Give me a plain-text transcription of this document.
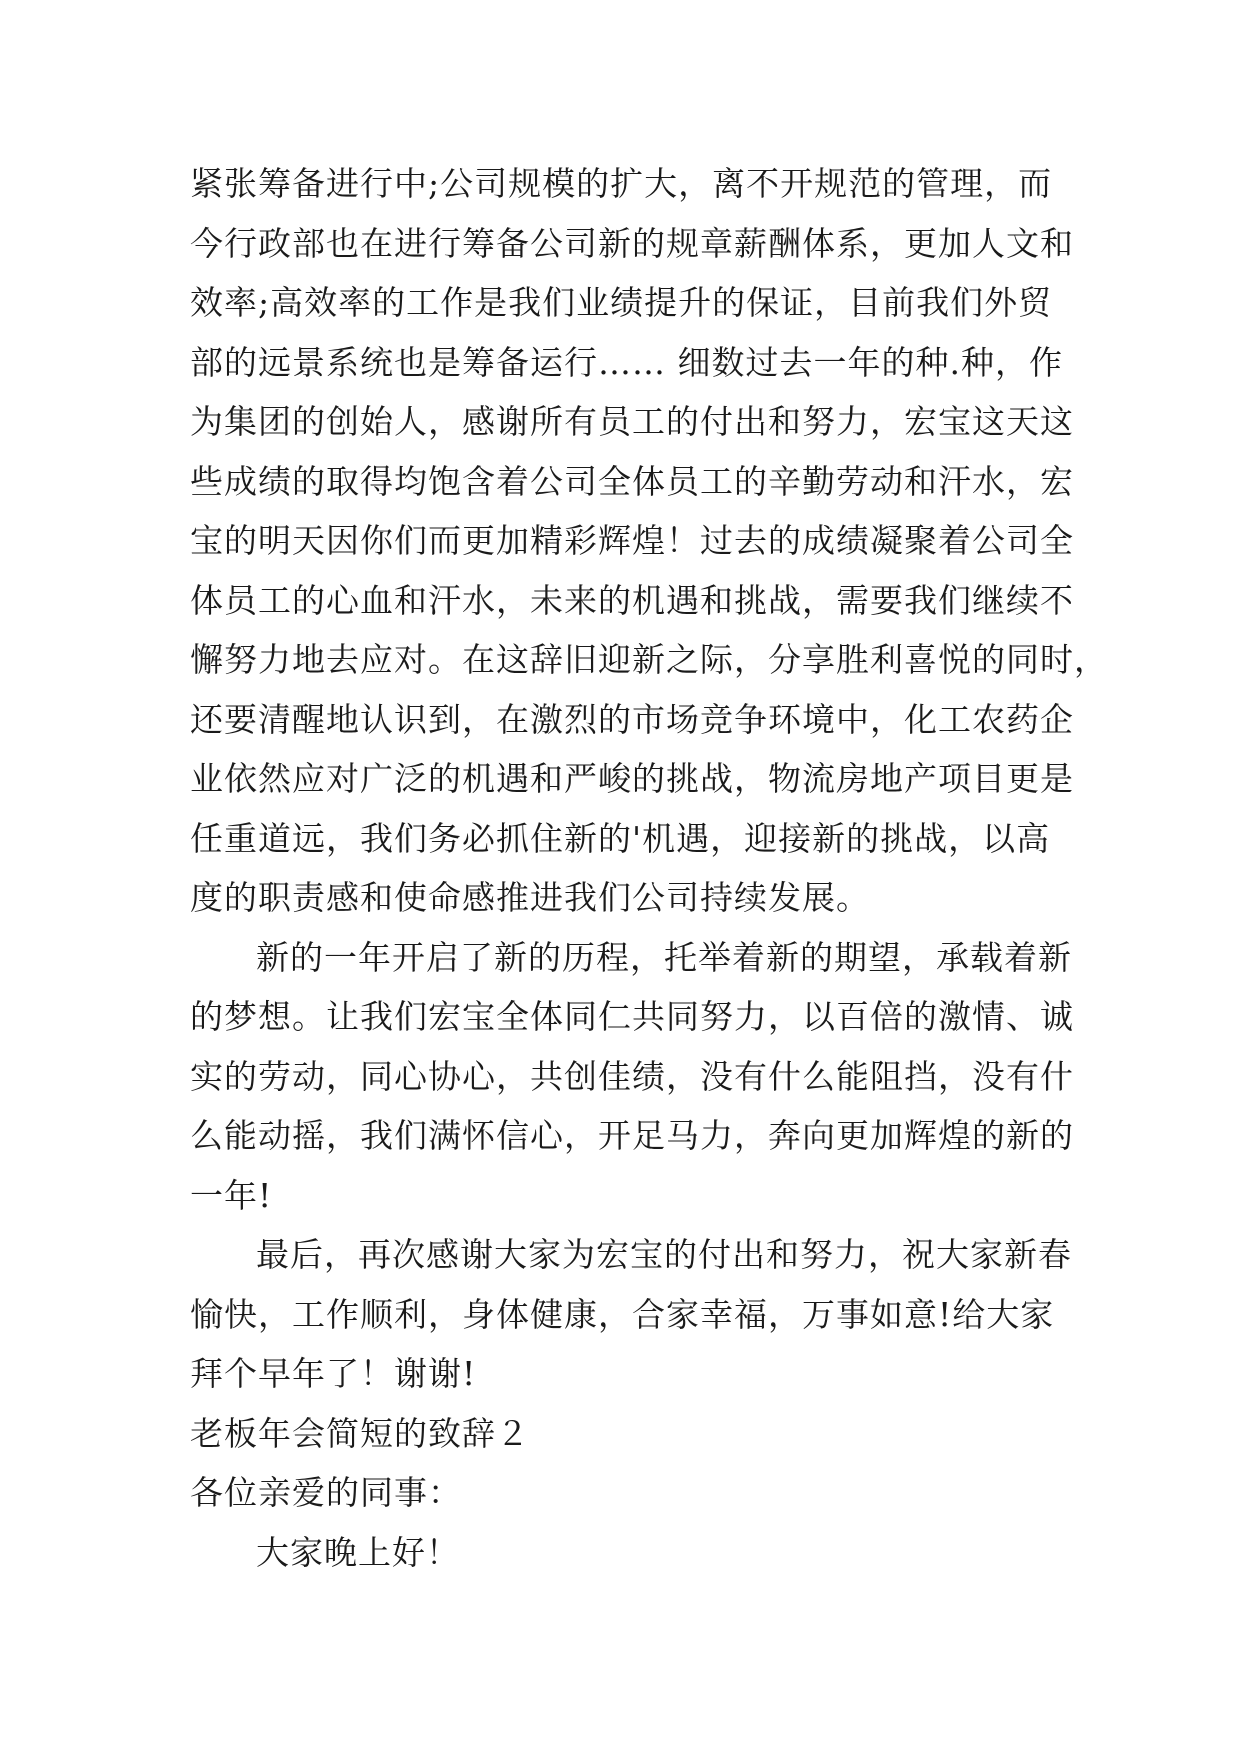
紧张筹备进行中;公司规模的扩大，离不开规范的管理，而
今行政部也在进行筹备公司新的规章薪酬体系，更加人文和
效率;高效率的工作是我们业绩提升的保证，目前我们外贸
部的远景系统也是筹备运行…… 细数过去一年的种.种，作
为集团的创始人，感谢所有员工的付出和努力，宏宝这天这
些成绩的取得均饱含着公司全体员工的辛勤劳动和汗水，宏
宝的明天因你们而更加精彩辉煌！过去的成绩凝聚着公司全
体员工的心血和汗水，未来的机遇和挑战，需要我们继续不
懈努力地去应对。在这辞旧迎新之际，分享胜利喜悦的同时，
还要清醒地认识到，在激烈的市场竞争环境中，化工农药企
业依然应对广泛的机遇和严峻的挑战，物流房地产项目更是
任重道远，我们务必抓住新的'机遇，迎接新的挑战，以高
度的职责感和使命感推进我们公司持续发展。
新的一年开启了新的历程，托举着新的期望，承载着新
的梦想。让我们宏宝全体同仁共同努力，以百倍的激情、诚
实的劳动，同心协心，共创佳绩，没有什么能阻挡，没有什
么能动摇，我们满怀信心，开足马力，奔向更加辉煌的新的
一年!
最后，再次感谢大家为宏宝的付出和努力，祝大家新春
愉快，工作顺利，身体健康，合家幸福，万事如意!给大家
拜个早年了！谢谢!

老板年会简短的致辞２

各位亲爱的同事：

大家晚上好！
